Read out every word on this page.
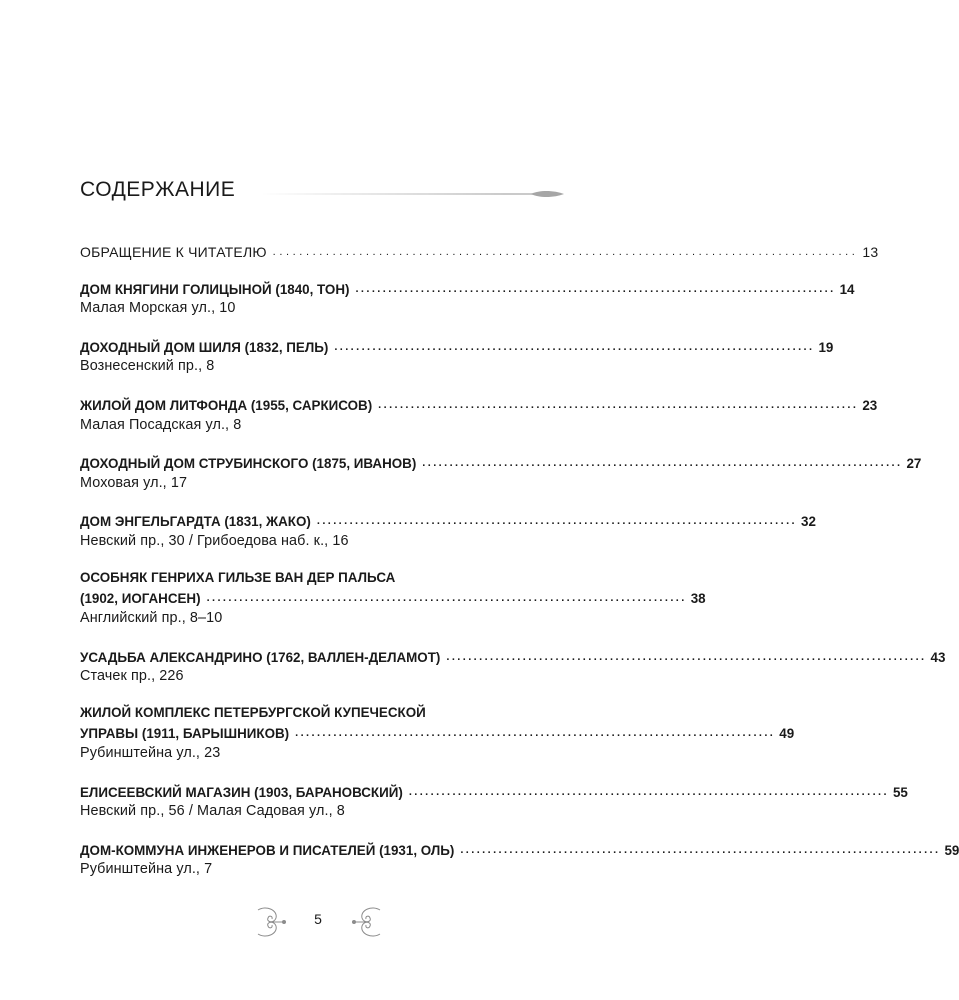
СОДЕРЖАНИЕ
ОБРАЩЕНИЕ К ЧИТАТЕЛЮ ........................................................................................ 13
ДОМ КНЯГИНИ ГОЛИЦЫНОЙ (1840, ТОН) ........................................................................................ 14
Малая Морская ул., 10
ДОХОДНЫЙ ДОМ ШИЛЯ (1832, ПЕЛЬ) ........................................................................................ 19
Вознесенский пр., 8
ЖИЛОЙ ДОМ ЛИТФОНДА (1955, САРКИСОВ) ........................................................................................ 23
Малая Посадская ул., 8
ДОХОДНЫЙ ДОМ СТРУБИНСКОГО (1875, ИВАНОВ) ........................................................................................ 27
Моховая ул., 17
ДОМ ЭНГЕЛЬГАРДТА (1831, ЖАКО) ........................................................................................ 32
Невский пр., 30 / Грибоедова наб. к., 16
ОСОБНЯК ГЕНРИХА ГИЛЬЗЕ ВАН ДЕР ПАЛЬСА
(1902, ИОГАНСЕН) ........................................................................................ 38
Английский пр., 8–10
УСАДЬБА АЛЕКСАНДРИНО (1762, ВАЛЛЕН-ДЕЛАМОТ) ........................................................................................ 43
Стачек пр., 226
ЖИЛОЙ КОМПЛЕКС ПЕТЕРБУРГСКОЙ КУПЕЧЕСКОЙ
УПРАВЫ (1911, БАРЫШНИКОВ) ........................................................................................ 49
Рубинштейна ул., 23
ЕЛИСЕЕВСКИЙ МАГАЗИН (1903, БАРАНОВСКИЙ) ........................................................................................ 55
Невский пр., 56 / Малая Садовая ул., 8
ДОМ-КОММУНА ИНЖЕНЕРОВ И ПИСАТЕЛЕЙ (1931, ОЛЬ) ........................................................................................ 59
Рубинштейна ул., 7
5
